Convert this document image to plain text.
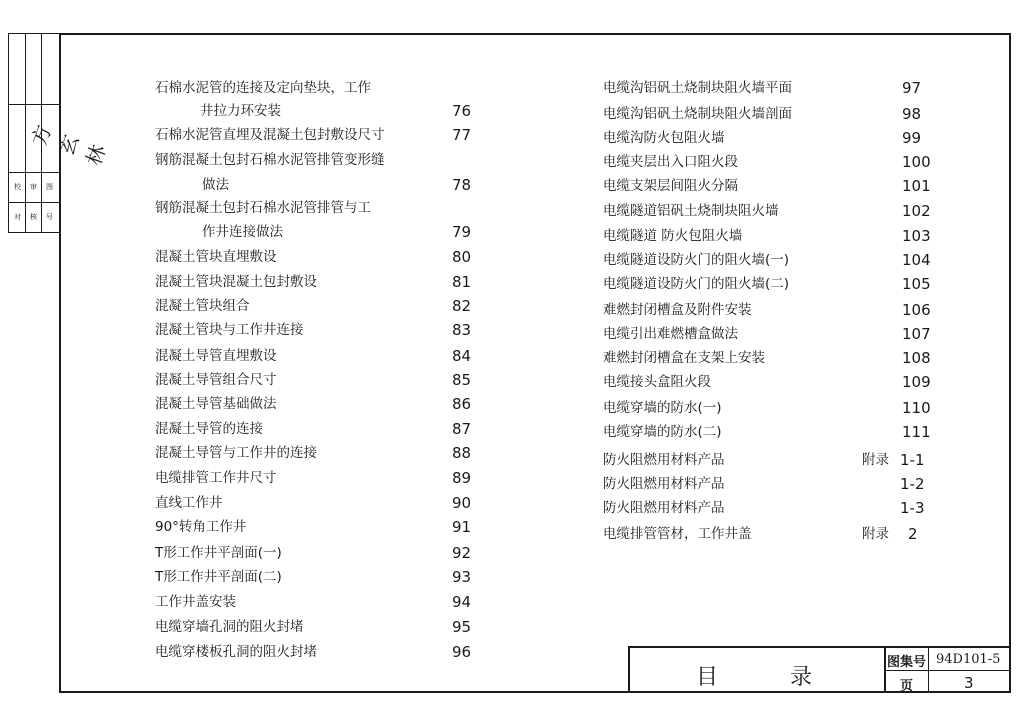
方玄林
校 审 图
对 核 号
石棉水泥管的连接及定向垫块，工作
井拉力环安装	76
石棉水泥管直埋及混凝土包封敷设尺寸	77
钢筋混凝土包封石棉水泥管排管变形缝
做法	78
钢筋混凝土包封石棉水泥管排管与工
作井连接做法	79
混凝土管块直埋敷设	80
混凝土管块混凝土包封敷设	81
混凝土管块组合	82
混凝土管块与工作井连接	83
混凝土导管直埋敷设	84
混凝土导管组合尺寸	85
混凝土导管基础做法	86
混凝土导管的连接	87
混凝土导管与工作井的连接	88
电缆排管工作井尺寸	89
直线工作井	90
90°转角工作井	91
T形工作井平剖面(一)	92
T形工作井平剖面(二)	93
工作井盖安装	94
电缆穿墙孔洞的阻火封堵	95
电缆穿楼板孔洞的阻火封堵	96
电缆沟铝矾土烧制块阻火墙平面	97
电缆沟铝矾土烧制块阻火墙剖面	98
电缆沟防火包阻火墙	99
电缆夹层出入口阻火段	100
电缆支架层间阻火分隔	101
电缆隧道铝矾土烧制块阻火墙	102
电缆隧道 防火包阻火墙	103
电缆隧道设防火门的阻火墙(一)	104
电缆隧道设防火门的阻火墙(二)	105
难燃封闭槽盒及附件安装	106
电缆引出难燃槽盒做法	107
难燃封闭槽盒在支架上安装	108
电缆接头盒阻火段	109
电缆穿墙的防水(一)	110
电缆穿墙的防水(二)	111
防火阻燃用材料产品	附录 1-1
防火阻燃用材料产品	1-2
防火阻燃用材料产品	1-3
电缆排管管材，工作井盖	附录 2
目	录
图集号 94D101-5
页	3
